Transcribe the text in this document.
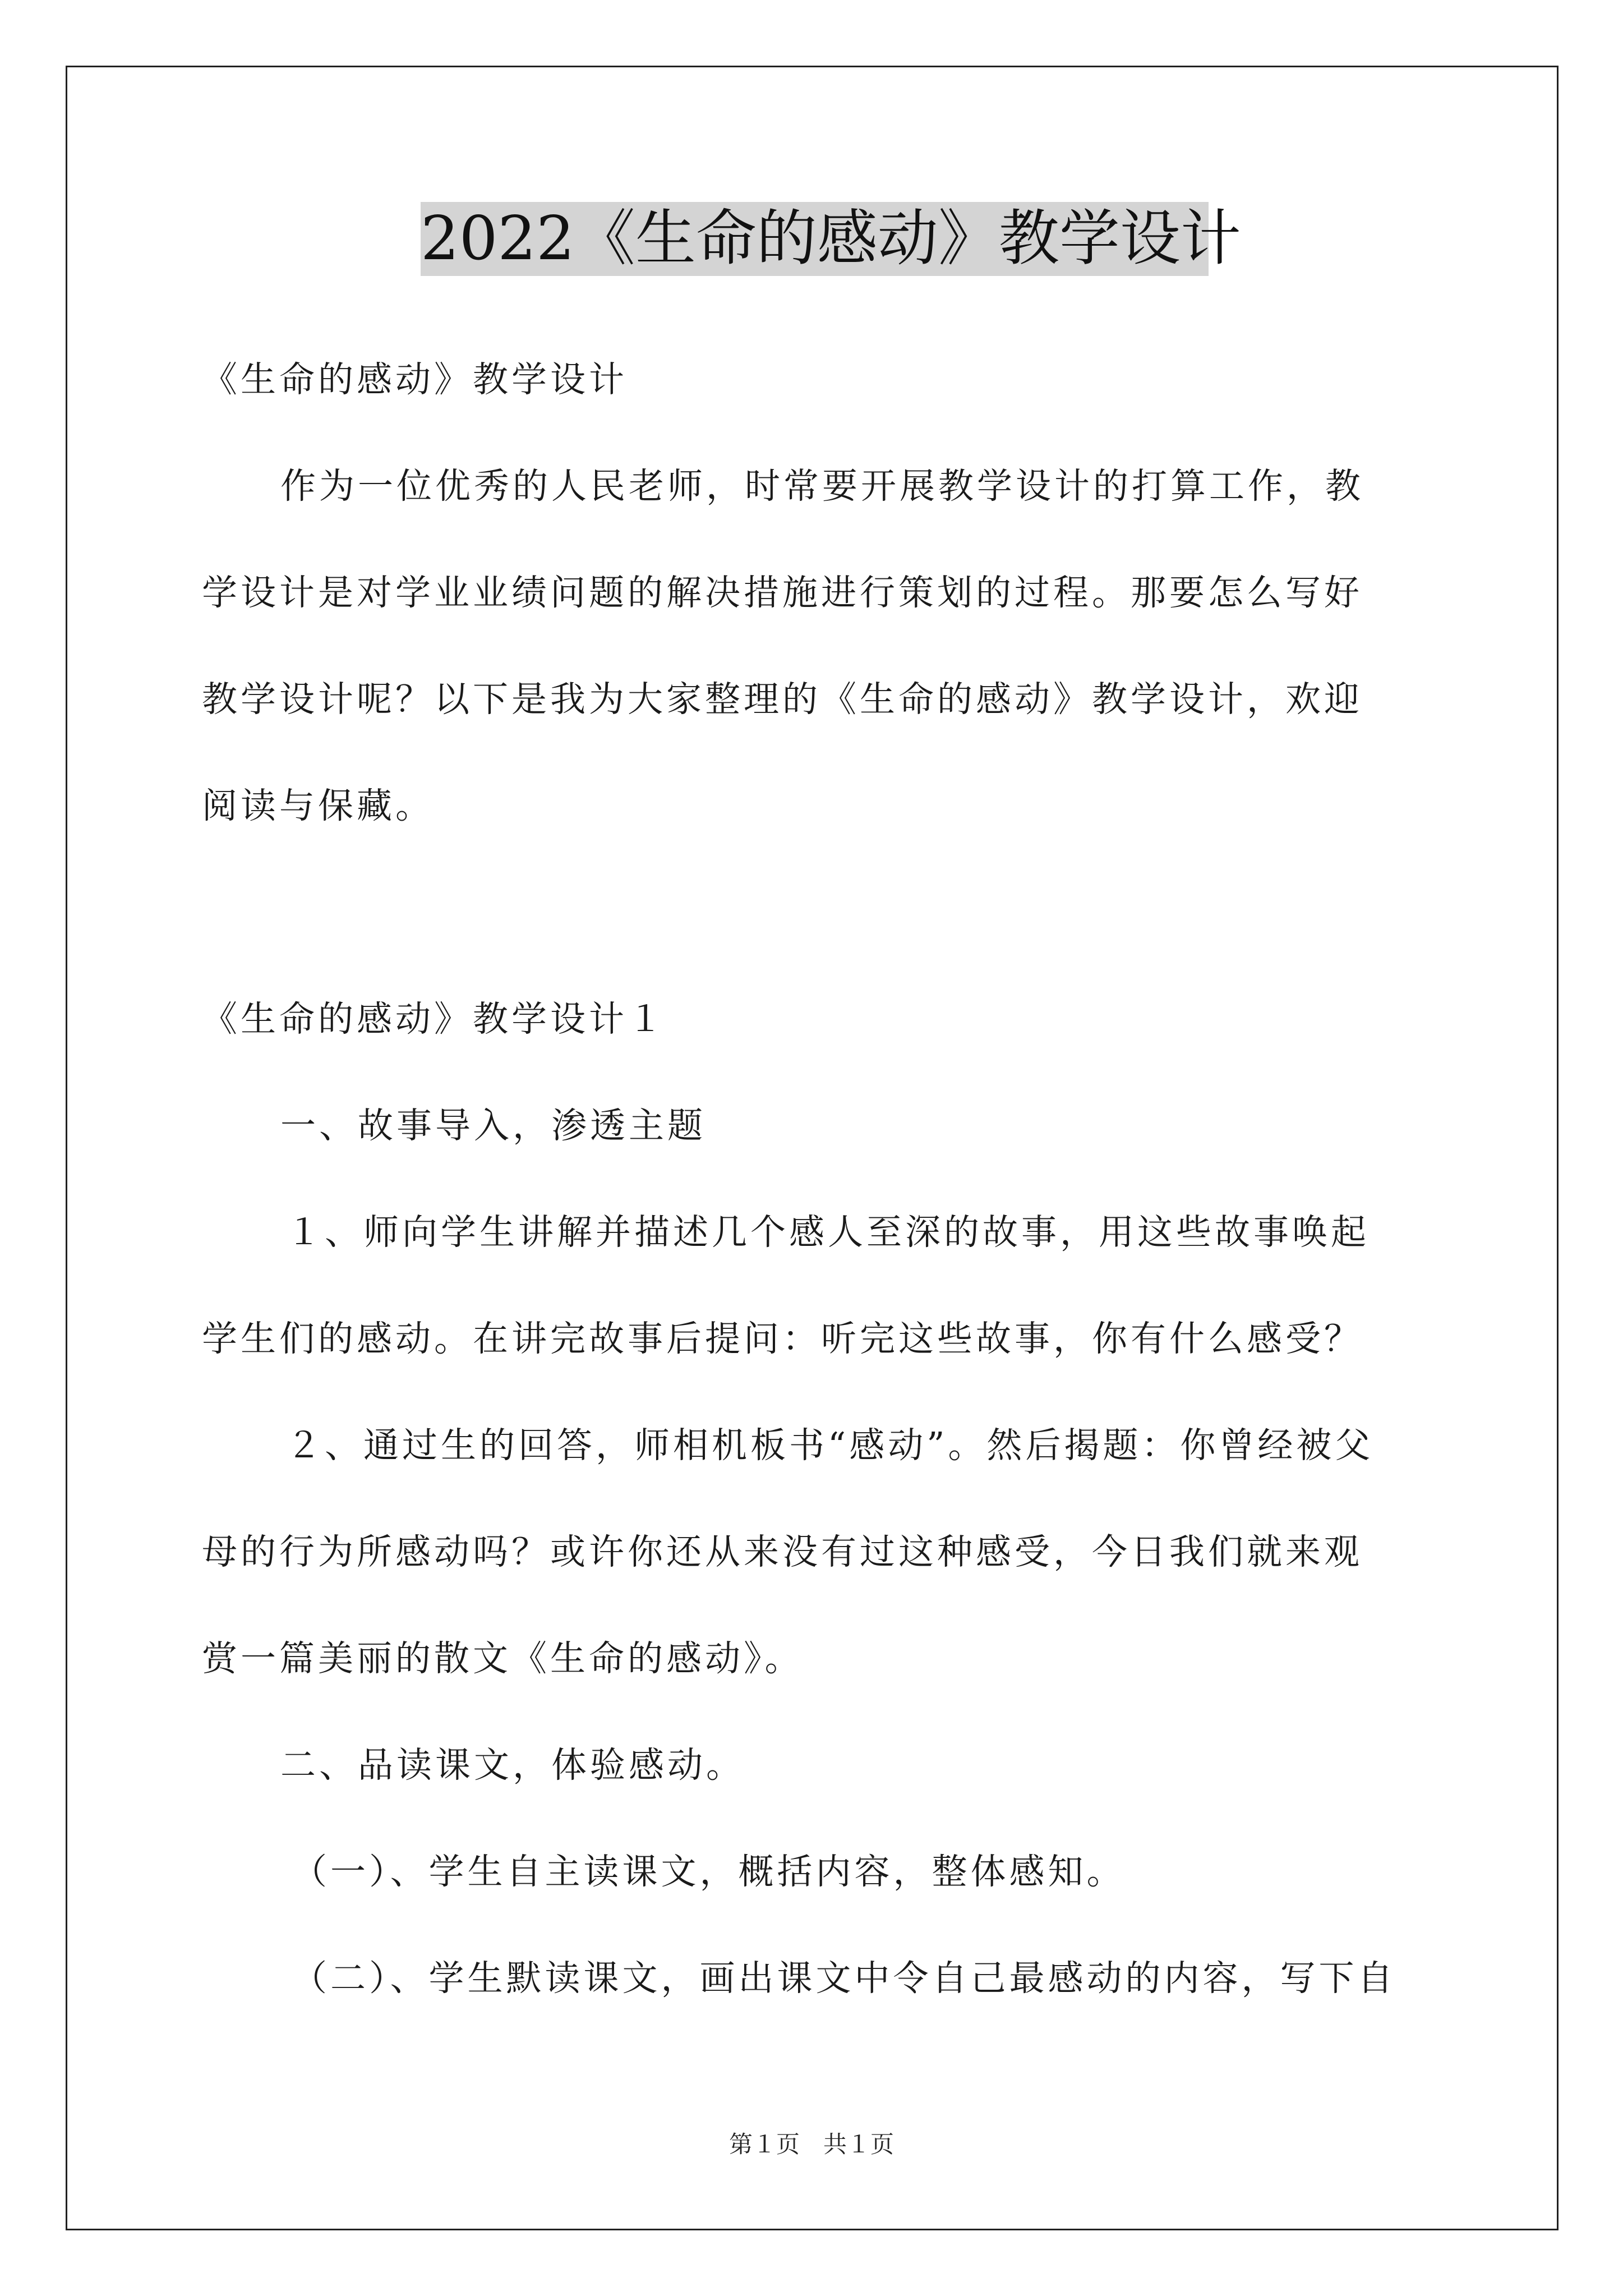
2022《生命的感动》教学设计
《生命的感动》教学设计
作为一位优秀的人民老师，时常要开展教学设计的打算工作，教
学设计是对学业业绩问题的解决措施进行策划的过程。那要怎么写好
教学设计呢？以下是我为大家整理的《生命的感动》教学设计，欢迎
阅读与保藏。
《生命的感动》教学设计１
一、故事导入，渗透主题
１、师向学生讲解并描述几个感人至深的故事，用这些故事唤起
学生们的感动。在讲完故事后提问：听完这些故事，你有什么感受？
２、通过生的回答，师相机板书“感动”。然后揭题：你曾经被父
母的行为所感动吗？或许你还从来没有过这种感受，今日我们就来观
赏一篇美丽的散文《生命的感动》。
二、品读课文，体验感动。
（一）、学生自主读课文，概括内容，整体感知。
（二）、学生默读课文，画出课文中令自己最感动的内容，写下自
第１页　共１页
